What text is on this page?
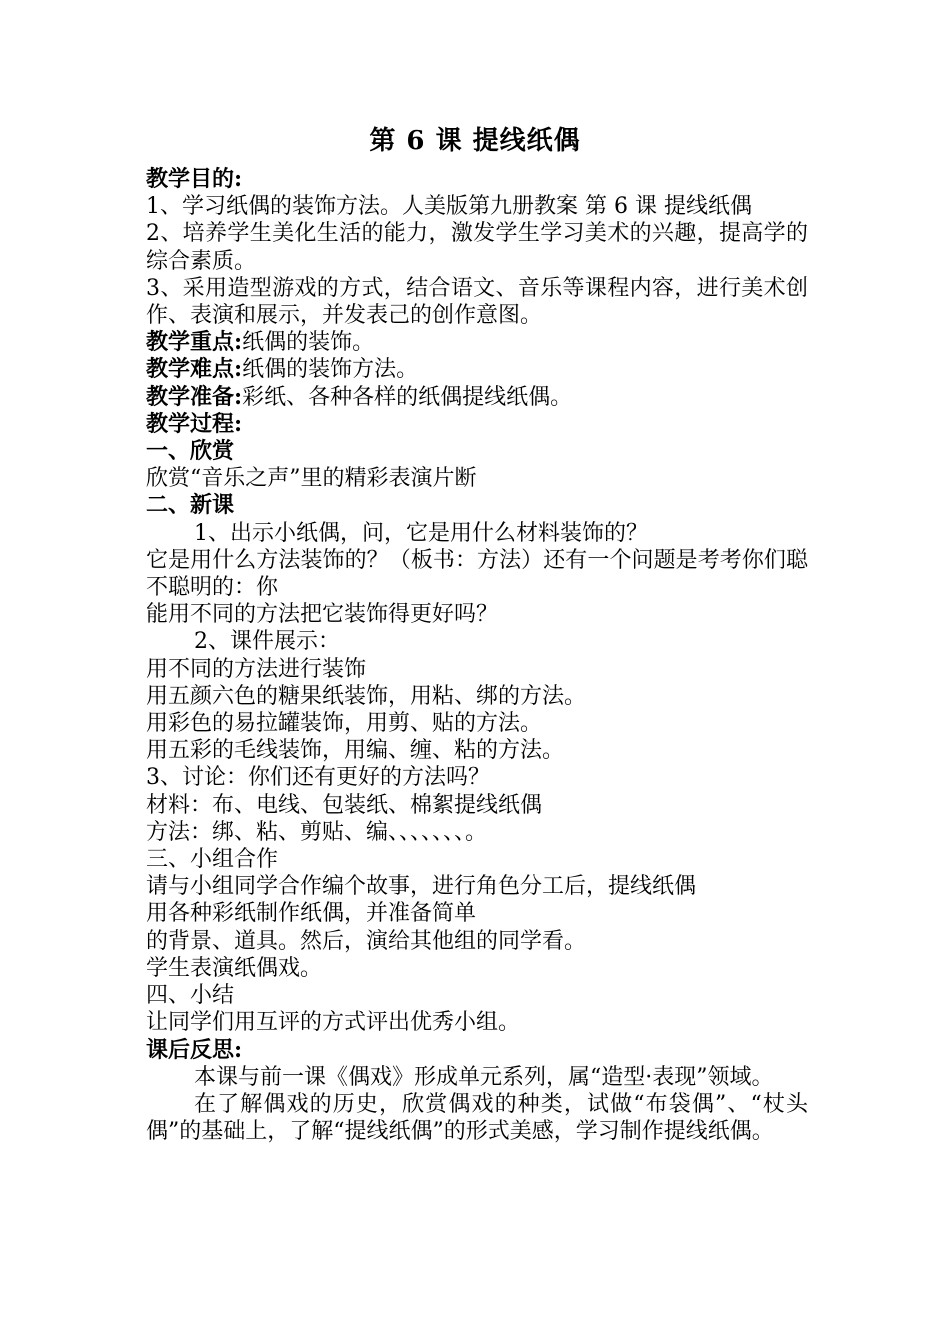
第 6 课 提线纸偶

教学目的:

1、学习纸偶的装饰方法。人美版第九册教案 第 6 课 提线纸偶

2、培养学生美化生活的能力，激发学生学习美术的兴趣，提高学的综合素质。

3、采用造型游戏的方式，结合语文、音乐等课程内容，进行美术创作、表演和展示，并发表己的创作意图。

教学重点:纸偶的装饰。

教学难点:纸偶的装饰方法。

教学准备:彩纸、各种各样的纸偶提线纸偶。

教学过程:

一、欣赏

欣赏“音乐之声”里的精彩表演片断

二、新课

1、出示小纸偶，问，它是用什么材料装饰的？

它是用什么方法装饰的？（板书：方法）还有一个问题是考考你们聪不聪明的：你

能用不同的方法把它装饰得更好吗？

2、课件展示：

用不同的方法进行装饰

用五颜六色的糖果纸装饰，用粘、绑的方法。

用彩色的易拉罐装饰，用剪、贴的方法。

用五彩的毛线装饰，用编、缠、粘的方法。

3、讨论：你们还有更好的方法吗？

材料：布、电线、包装纸、棉絮提线纸偶

方法：绑、粘、剪贴、编、、、、、、、。

三、小组合作

请与小组同学合作编个故事，进行角色分工后，提线纸偶

用各种彩纸制作纸偶，并准备简单

的背景、道具。然后，演给其他组的同学看。

学生表演纸偶戏。

四、小结

让同学们用互评的方式评出优秀小组。

课后反思:

本课与前一课《偶戏》形成单元系列，属“造型·表现”领域。

在了解偶戏的历史，欣赏偶戏的种类，试做“布袋偶”、“杖头偶”的基础上，了解“提线纸偶”的形式美感，学习制作提线纸偶。
